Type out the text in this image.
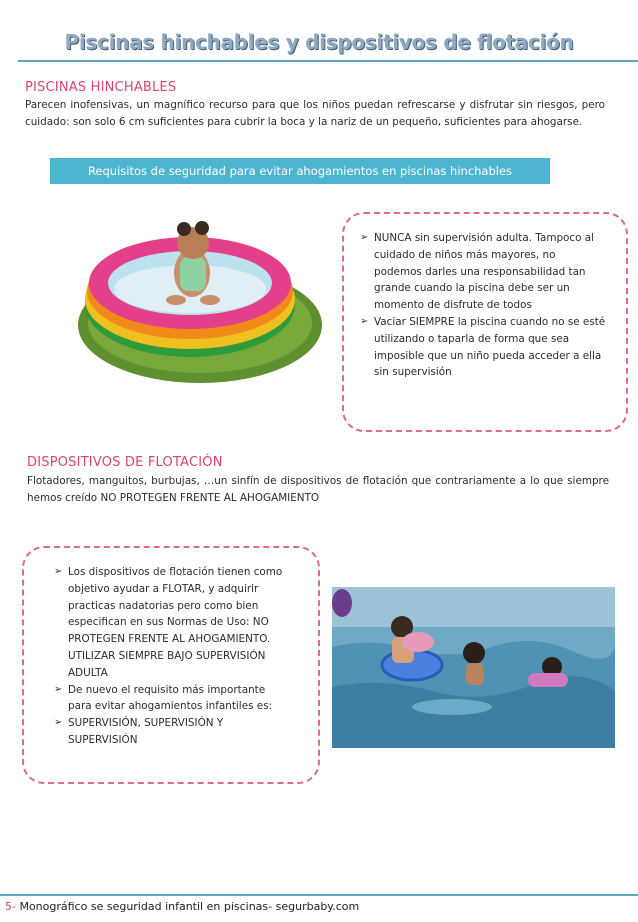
Piscinas hinchables y dispositivos de flotación
PISCINAS HINCHABLES
Parecen inofensivas, un magnífico recurso para que los niños puedan refrescarse y disfrutar sin riesgos, pero cuidado: son solo 6 cm suficientes para cubrir la boca y la nariz de un pequeño, suficientes para ahogarse.
Requisitos de seguridad para evitar ahogamientos en piscinas hinchables
➢ NUNCA sin supervisión adulta. Tampoco al cuidado de niños más mayores, no podemos darles una responsabilidad tan grande cuando la piscina debe ser un momento de disfrute de todos
➢ Vaciar SIEMPRE la piscina cuando no se esté utilizando o taparla de forma que sea imposible que un niño pueda acceder a ella sin supervisión
DISPOSITIVOS DE FLOTACIÓN
Flotadores, manguitos, burbujas, …un sinfín de dispositivos de flotación que contrariamente a lo que siempre hemos creído NO PROTEGEN FRENTE AL AHOGAMIENTO
➢ Los dispositivos de flotación tienen como objetivo ayudar a FLOTAR, y adquirir practicas nadatorias pero como bien especifican en sus Normas de Uso: NO PROTEGEN FRENTE AL AHOGAMIENTO. UTILIZAR SIEMPRE BAJO SUPERVISIÓN ADULTA
➢ De nuevo el requisito más importante para evitar ahogamientos infantiles es:
➢ SUPERVISIÓN, SUPERVISIÓN Y SUPERVISIÓN
5- Monográfico se seguridad infantil en piscinas- segurbaby.com
